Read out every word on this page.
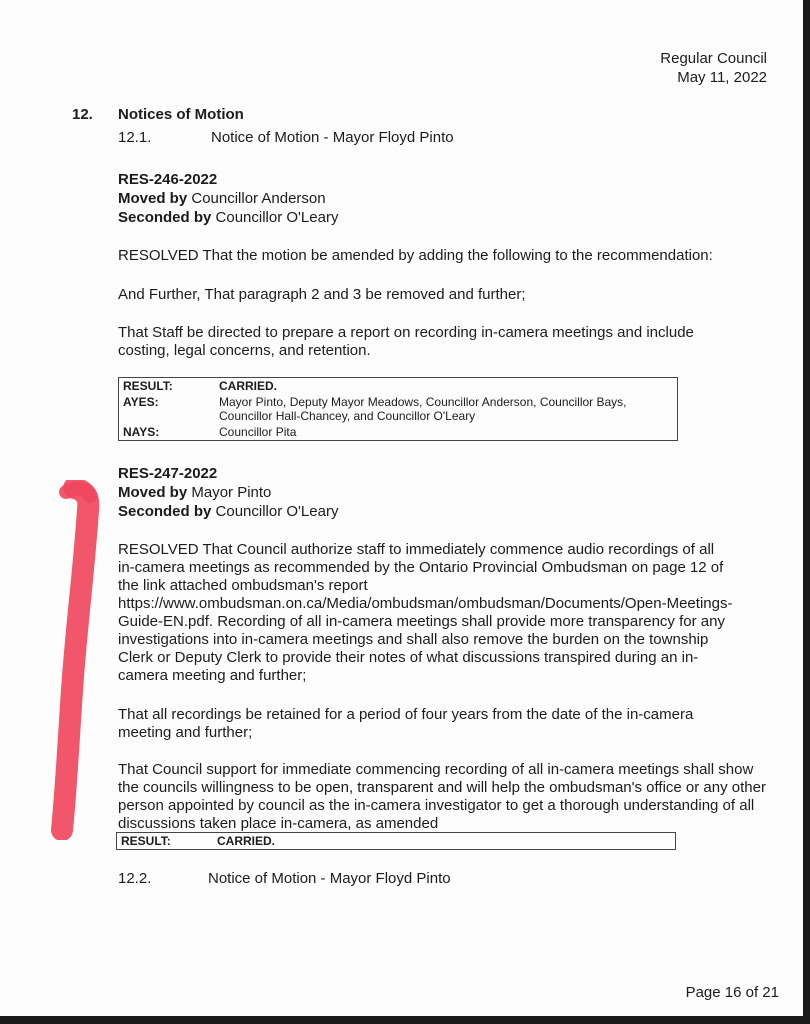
Regular Council
May 11, 2022
12. Notices of Motion
12.1.	Notice of Motion - Mayor Floyd Pinto

RES-246-2022

Moved by Councillor Anderson

Seconded by Councillor O'Leary

RESOLVED That the motion be amended by adding the following to the recommendation:
And Further, That paragraph 2 and 3 be removed and further;
That Staff be directed to prepare a report on recording in-camera meetings and include costing, legal concerns, and retention.
RESULT:	CARRIED.
AYES:	Mayor Pinto, Deputy Mayor Meadows, Councillor Anderson, Councillor Bays, Councillor Hall-Chancey, and Councillor O'Leary
NAYS:	Councillor Pita

RES-247-2022

Moved by Mayor Pinto

Seconded by Councillor O'Leary

RESOLVED That Council authorize staff to immediately commence audio recordings of all
in-camera meetings as recommended by the Ontario Provincial Ombudsman on page 12 of
the link attached ombudsman's report
https://www.ombudsman.on.ca/Media/ombudsman/ombudsman/Documents/Open-Meetings-
Guide-EN.pdf. Recording of all in-camera meetings shall provide more transparency for any
investigations into in-camera meetings and shall also remove the burden on the township
Clerk or Deputy Clerk to provide their notes of what discussions transpired during an in-
camera meeting and further;
That all recordings be retained for a period of four years from the date of the in-camera meeting and further;
That Council support for immediate commencing recording of all in-camera meetings shall show the councils willingness to be open, transparent and will help the ombudsman's office or any other person appointed by council as the in-camera investigator to get a thorough understanding of all discussions taken place in-camera, as amended
RESULT:	CARRIED.
12.2.	Notice of Motion - Mayor Floyd Pinto
Page 16 of 21
